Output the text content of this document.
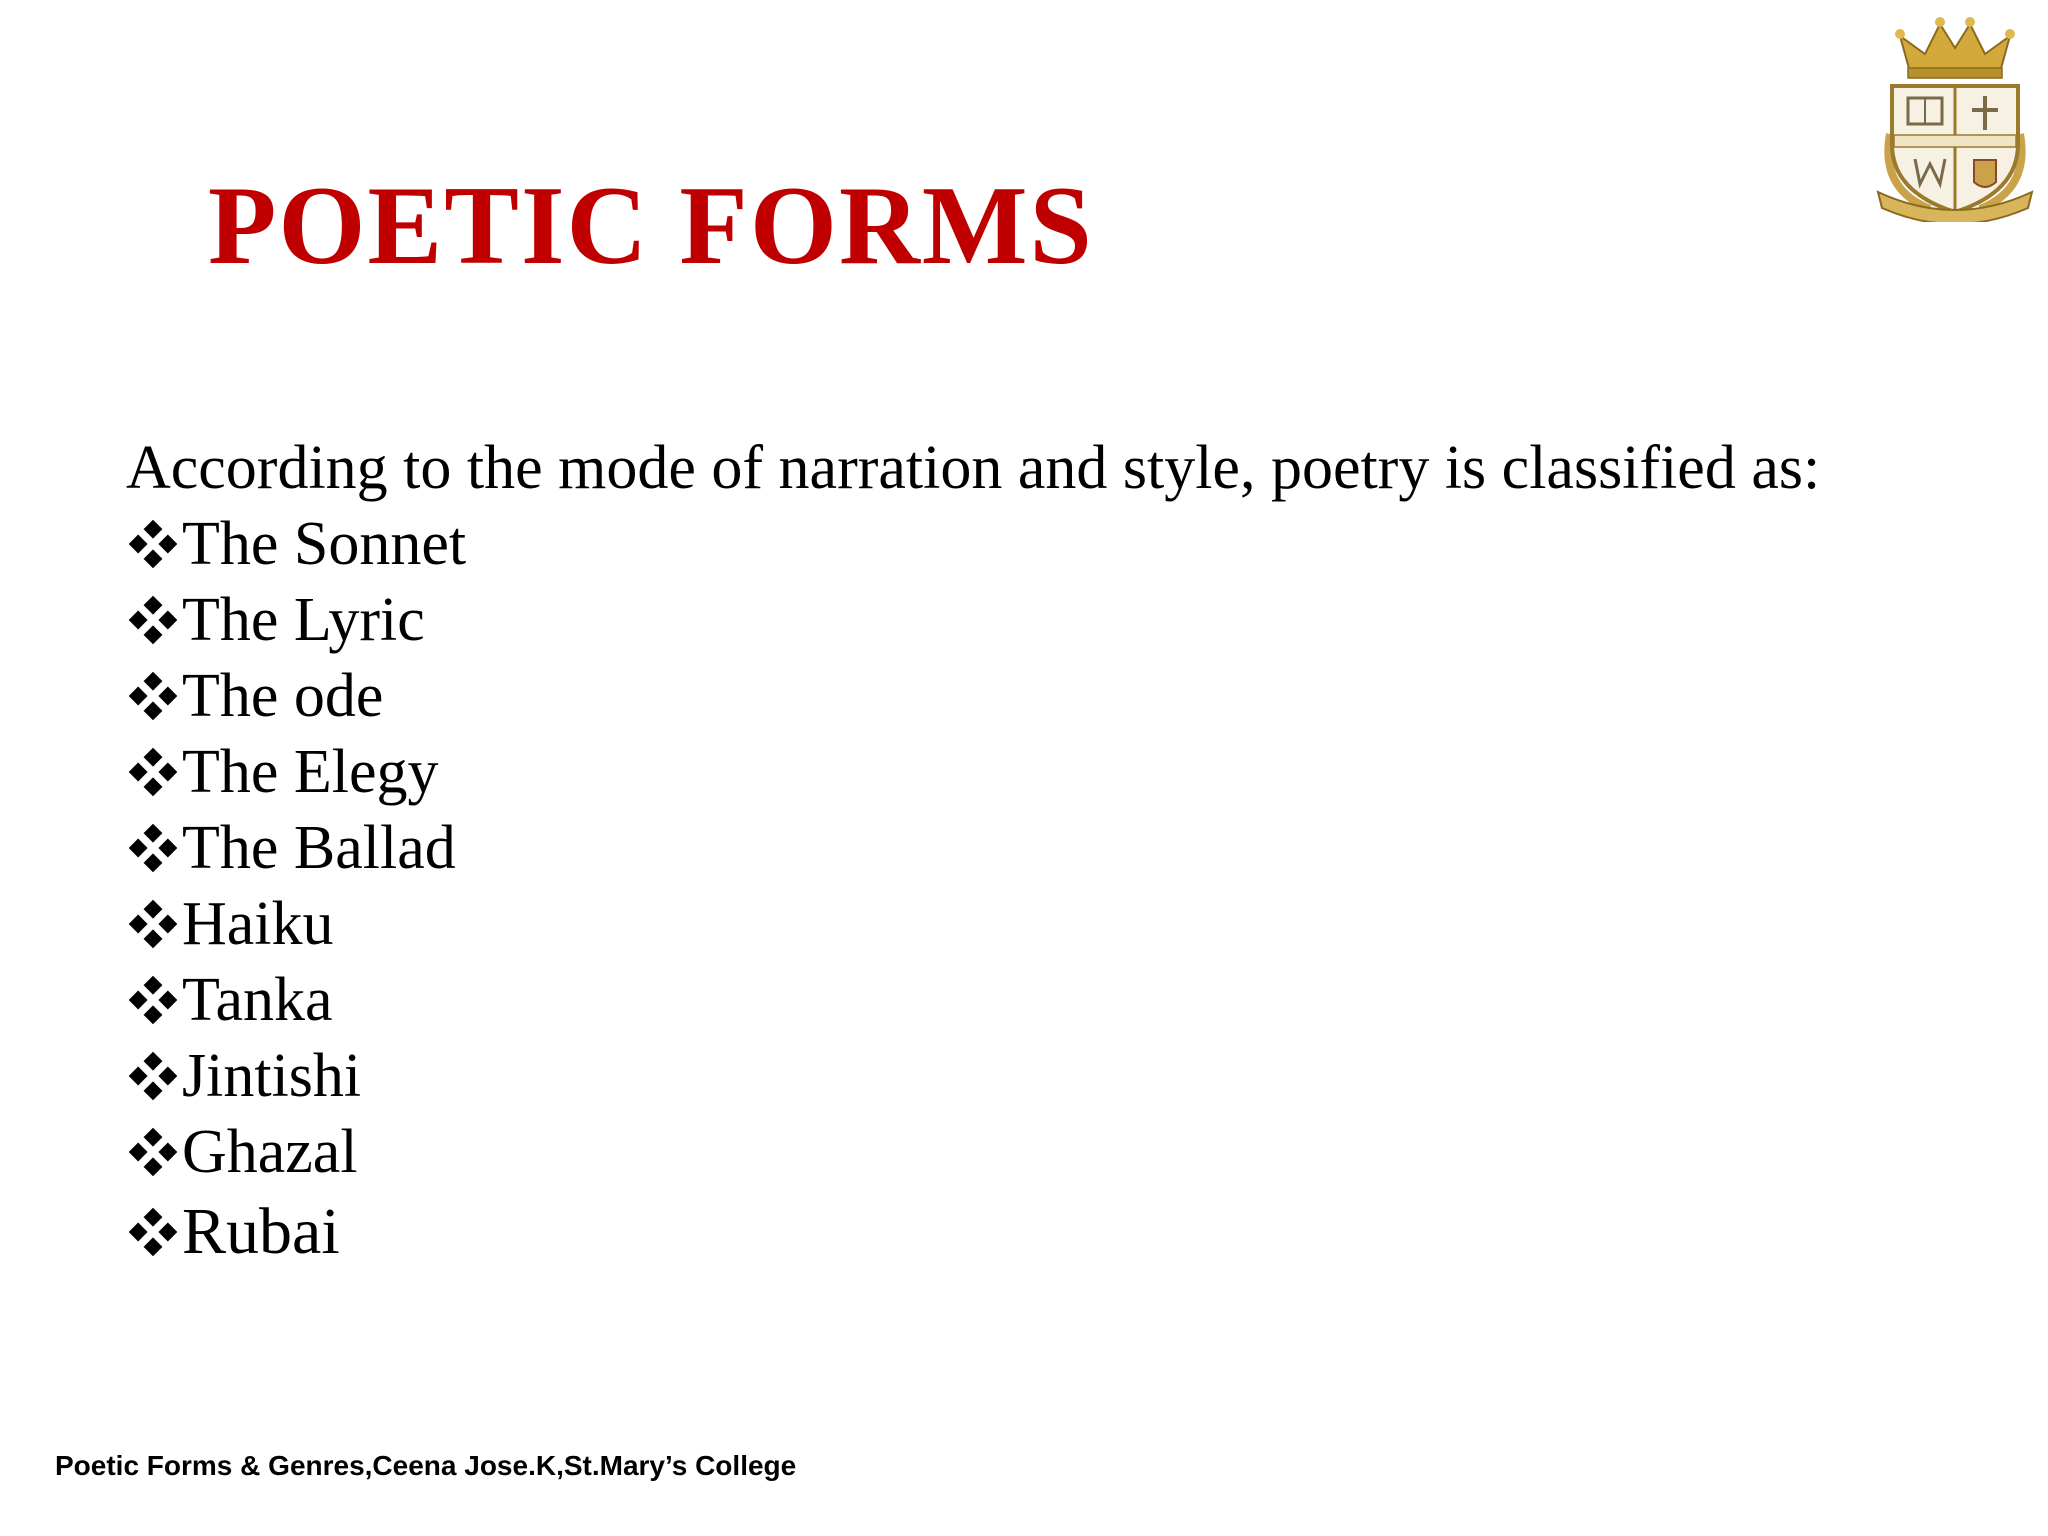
POETIC FORMS

According to the mode of narration and style, poetry is classified as:

The Sonnet
The Lyric
The ode
The Elegy
The Ballad
Haiku
Tanka
Jintishi
Ghazal
Rubai

Poetic Forms & Genres,Ceena Jose.K,St.Mary’s College
